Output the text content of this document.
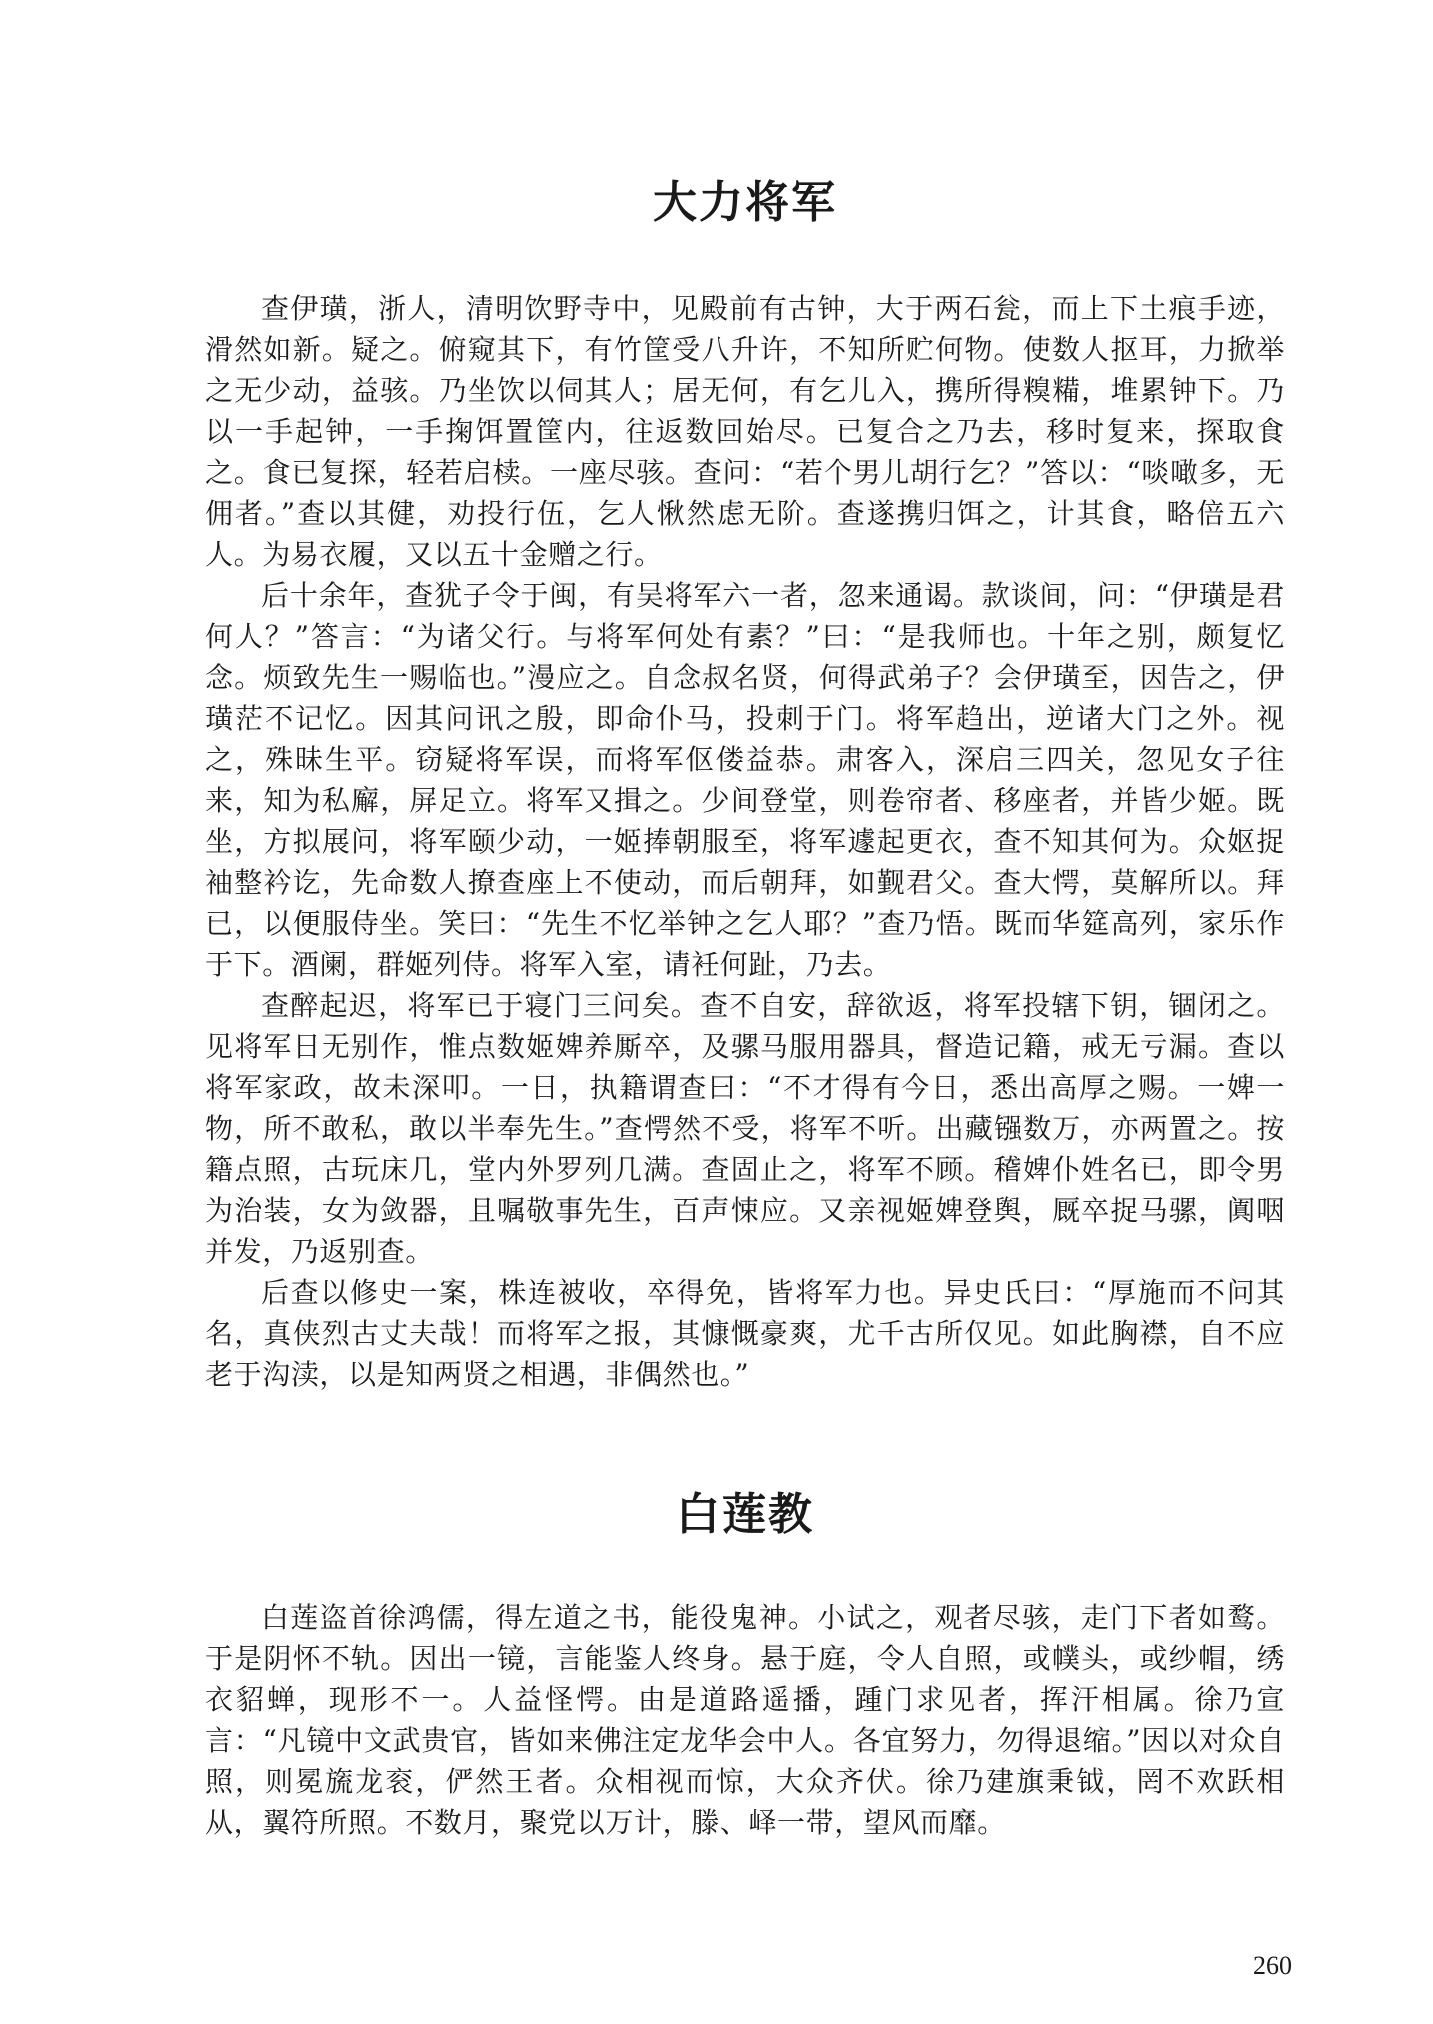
大力将军

查伊璜，浙人，清明饮野寺中，见殿前有古钟，大于两石瓮，而上下土痕手迹，滑然如新。疑之。俯窥其下，有竹筐受八升许，不知所贮何物。使数人抠耳，力掀举之无少动，益骇。乃坐饮以伺其人；居无何，有乞儿入，携所得糗糒，堆累钟下。乃以一手起钟，一手掬饵置筐内，往返数回始尽。已复合之乃去，移时复来，探取食之。食已复探，轻若启椟。一座尽骇。查问：“若个男儿胡行乞？”答以：“啖噉多，无佣者。”查以其健，劝投行伍，乞人愀然虑无阶。查遂携归饵之，计其食，略倍五六人。为易衣履，又以五十金赠之行。

后十余年，查犹子令于闽，有吴将军六一者，忽来通谒。款谈间，问：“伊璜是君何人？”答言：“为诸父行。与将军何处有素？”曰：“是我师也。十年之别，颇复忆念。烦致先生一赐临也。”漫应之。自念叔名贤，何得武弟子？会伊璜至，因告之，伊璜茫不记忆。因其问讯之殷，即命仆马，投刺于门。将军趋出，逆诸大门之外。视之，殊昧生平。窃疑将军误，而将军伛偻益恭。肃客入，深启三四关，忽见女子往来，知为私廨，屏足立。将军又揖之。少间登堂，则卷帘者、移座者，并皆少姬。既坐，方拟展问，将军颐少动，一姬捧朝服至，将军遽起更衣，查不知其何为。众妪捉袖整衿讫，先命数人撩查座上不使动，而后朝拜，如觐君父。查大愕，莫解所以。拜已，以便服侍坐。笑曰：“先生不忆举钟之乞人耶？”查乃悟。既而华筵高列，家乐作于下。酒阑，群姬列侍。将军入室，请衽何趾，乃去。

查醉起迟，将军已于寝门三问矣。查不自安，辞欲返，将军投辖下钥，锢闭之。见将军日无别作，惟点数姬婢养厮卒，及骡马服用器具，督造记籍，戒无亏漏。查以将军家政，故未深叩。一日，执籍谓查曰：“不才得有今日，悉出高厚之赐。一婢一物，所不敢私，敢以半奉先生。”查愕然不受，将军不听。出藏镪数万，亦两置之。按籍点照，古玩床几，堂内外罗列几满。查固止之，将军不顾。稽婢仆姓名已，即令男为治装，女为敛器，且嘱敬事先生，百声悚应。又亲视姬婢登舆，厩卒捉马骡，阗咽并发，乃返别查。

后查以修史一案，株连被收，卒得免，皆将军力也。异史氏曰：“厚施而不问其名，真侠烈古丈夫哉！而将军之报，其慷慨豪爽，尤千古所仅见。如此胸襟，自不应老于沟渎，以是知两贤之相遇，非偶然也。”

白莲教

白莲盗首徐鸿儒，得左道之书，能役鬼神。小试之，观者尽骇，走门下者如鹜。于是阴怀不轨。因出一镜，言能鉴人终身。悬于庭，令人自照，或幞头，或纱帽，绣衣貂蝉，现形不一。人益怪愕。由是道路遥播，踵门求见者，挥汗相属。徐乃宣言：“凡镜中文武贵官，皆如来佛注定龙华会中人。各宜努力，勿得退缩。”因以对众自照，则冕旒龙衮，俨然王者。众相视而惊，大众齐伏。徐乃建旗秉钺，罔不欢跃相从，翼符所照。不数月，聚党以万计，滕、峄一带，望风而靡。

260
